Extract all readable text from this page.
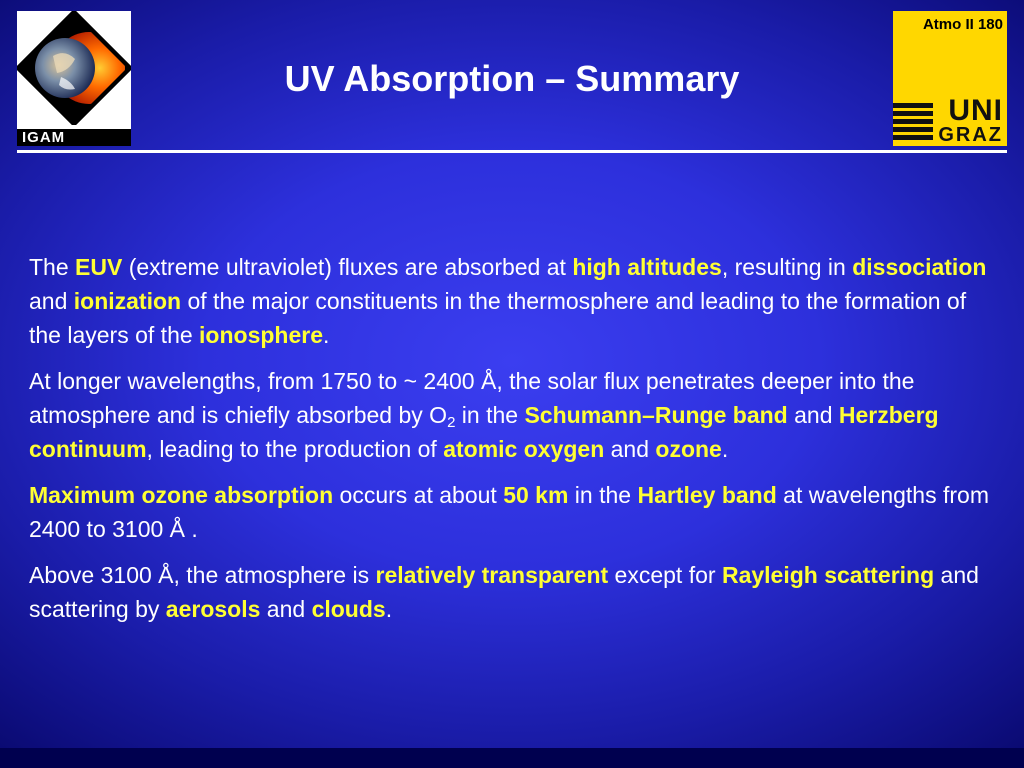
IGAM
Atmo II 180
UNI
GRAZ
UV Absorption – Summary

The EUV (extreme ultraviolet) fluxes are absorbed at high altitudes, resulting in dissociation and ionization of the major constituents in the thermosphere and leading to the formation of the layers of the ionosphere.

At longer wavelengths, from 1750 to ~ 2400 Å, the solar flux penetrates deeper into the atmosphere and is chiefly absorbed by $O_2$ in the Schumann–Runge band and Herzberg continuum, leading to the production of atomic oxygen and ozone.

Maximum ozone absorption occurs at about 50 km in the Hartley band at wavelengths from 2400 to 3100 Å .

Above 3100 Å, the atmosphere is relatively transparent except for Rayleigh scattering and scattering by aerosols and clouds.
